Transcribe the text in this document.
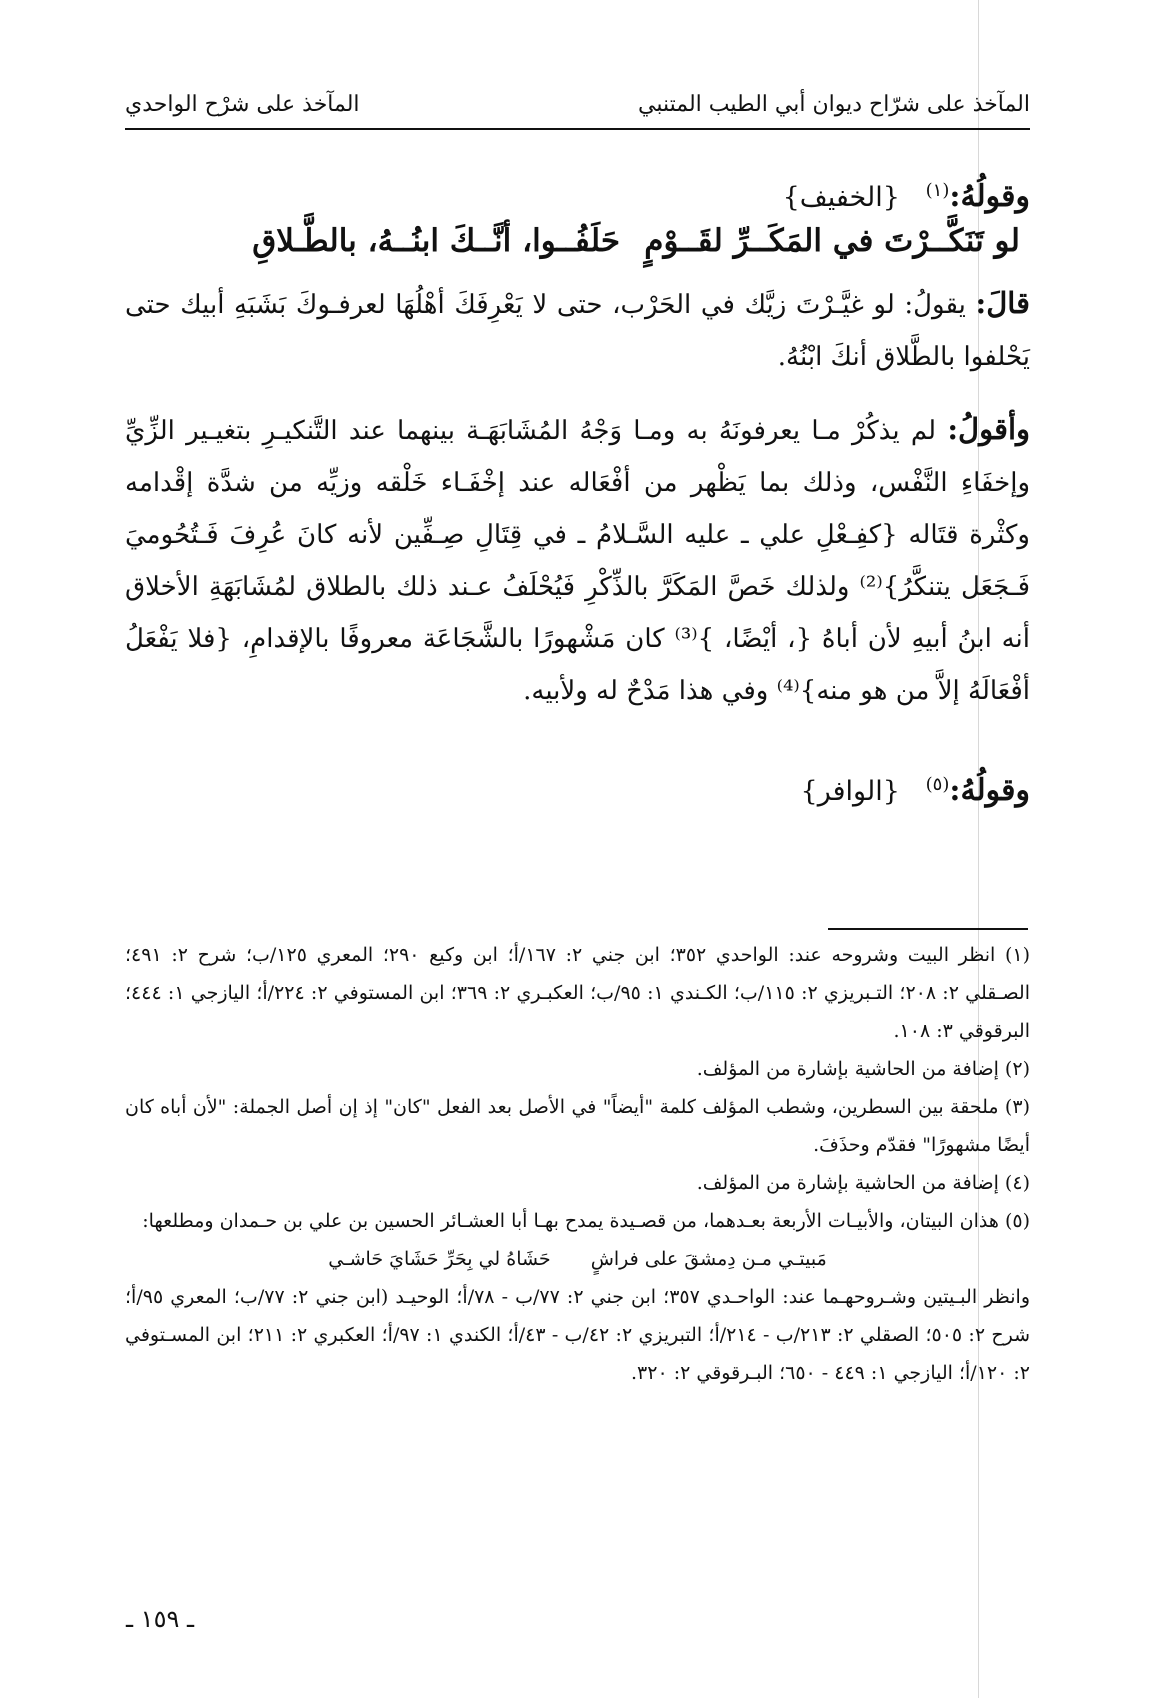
المآخذ على شرّاح ديوان أبي الطيب المتنبي
المآخذ على شرْح الواحدي
وقولُهُ:$^{(١)}$   {الخفيف}
لو تَنَكَّــرْتَ في المَكَــرِّ لقَــوْمٍ
حَلَفُــوا، أنَّــكَ ابنُــهُ، بالطَّـلاقِ

قالَ: يقولُ: لو غيَّـرْتَ زيَّك في الحَرْب، حتى لا يَعْرِفَكَ أهْلُهَا لعرفـوكَ بَشَبَهِ أبيك حتى يَحْلفوا بالطَّلاق أنكَ ابْنُهُ.

وأقولُ: لم يذكُرْ مـا يعرفونَهُ به ومـا وَجْهُ المُشَابَهَـة بينهما عند التَّنكيـرِ بتغيـير الزِّيِّ وإخفَاءِ النَّفْس، وذلك بما يَظْهر من أفْعَاله عند إخْفَـاء خَلْقه وزيِّه من شدَّة إقْدامه وكثْرة قتَاله {كفِـعْلِ علي ـ عليه السَّـلامُ ـ في قِتَالِ صِـفِّين لأنه كانَ عُرِفَ فَـتُحُوميَ فَـجَعَل يتنكَّرُ}⁽²⁾ ولذلك خَصَّ المَكَرَّ بالذِّكْرِ فَيُحْلَفُ عـند ذلك بالطلاق لمُشَابَهَةِ الأخلاق أنه ابنُ أبيهِ لأن أباهُ {، أيْضًا، }⁽³⁾ كان مَشْهورًا بالشَّجَاعَة معروفًا بالإقدامِ، {فلا يَفْعَلُ أفْعَالَهُ إلاَّ من هو منه}⁽⁴⁾ وفي هذا مَدْحٌ له ولأبيه.

وقولُهُ:$^{(٥)}$   {الوافر}

(١) انظر البيت وشروحه عند: الواحدي ٣٥٢؛ ابن جني ٢: ١٦٧/أ؛ ابن وكيع ٢٩٠؛ المعري ١٢٥/ب؛ شرح ٢: ٤٩١؛ الصـقلي ٢: ٢٠٨؛ التـبريزي ٢: ١١٥/ب؛ الكـندي ١: ٩٥/ب؛ العكبـري ٢: ٣٦٩؛ ابن المستوفي ٢: ٢٢٤/أ؛ اليازجي ١: ٤٤٤؛ البرقوقي ٣: ١٠٨.

(٢) إضافة من الحاشية بإشارة من المؤلف.

(٣) ملحقة بين السطرين، وشطب المؤلف كلمة "أيضاً" في الأصل بعد الفعل "كان" إذ إن أصل الجملة: "لأن أباه كان أيضًا مشهورًا" فقدّم وحذَفَ.

(٤) إضافة من الحاشية بإشارة من المؤلف.

(٥) هذان البيتان، والأبيـات الأربعة بعـدهما، من قصـيدة يمدح بهـا أبا العشـائر الحسين بن علي بن حـمدان ومطلعها:

مَبيتـي مـن دِمشقَ على فراشٍحَشَاهُ لي بِحَرِّ حَشَايَ حَاشـي

وانظر البـيتين وشـروحهـما عند: الواحـدي ٣٥٧؛ ابن جني ٢: ٧٧/ب - ٧٨/أ؛ الوحيـد (ابن جني ٢: ٧٧/ب؛ المعري ٩٥/أ؛ شرح ٢: ٥٠٥؛ الصقلي ٢: ٢١٣/ب - ٢١٤/أ؛ التبريزي ٢: ٤٢/ب - ٤٣/أ؛ الكندي ١: ٩٧/أ؛ العكبري ٢: ٢١١؛ ابن المسـتوفي ٢: ١٢٠/أ؛ اليازجي ١: ٤٤٩ - ٦٥٠؛ البـرقوقي ٢: ٣٢٠.

ـ ١٥٩ ـ
